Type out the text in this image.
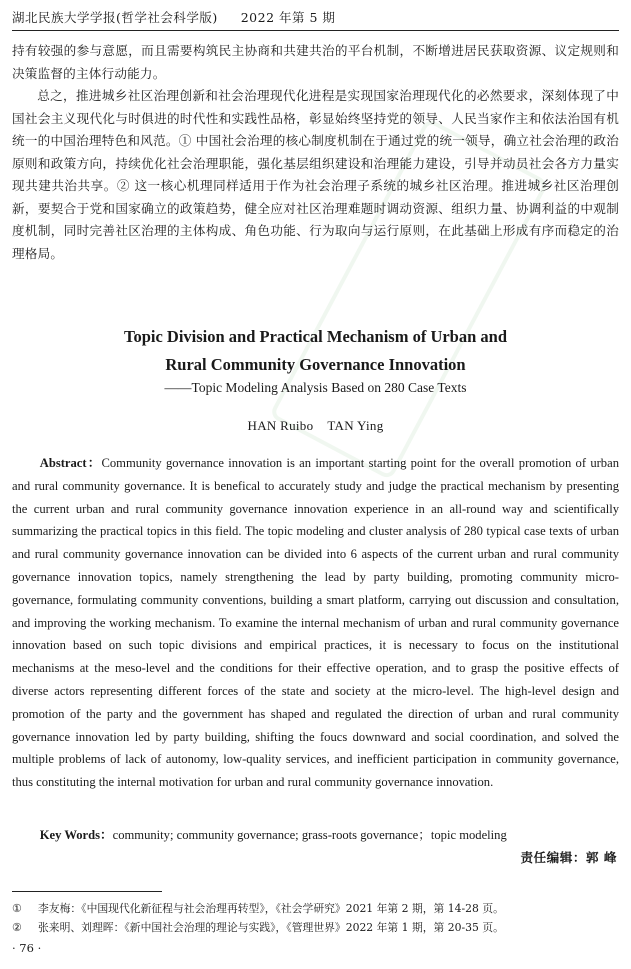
湖北民族大学学报(哲学社会科学版) 2022 年第 5 期

持有较强的参与意愿，而且需要构筑民主协商和共建共治的平台机制，不断增进居民获取资源、议定规则和决策监督的主体行动能力。

总之，推进城乡社区治理创新和社会治理现代化进程是实现国家治理现代化的必然要求，深刻体现了中国社会主义现代化与时俱进的时代性和实践性品格，彰显始终坚持党的领导、人民当家作主和依法治国有机统一的中国治理特色和风范。① 中国社会治理的核心制度机制在于通过党的统一领导，确立社会治理的政治原则和政策方向，持续优化社会治理职能，强化基层组织建设和治理能力建设，引导并动员社会各方力量实现共建共治共享。② 这一核心机理同样适用于作为社会治理子系统的城乡社区治理。推进城乡社区治理创新，要契合于党和国家确立的政策趋势，健全应对社区治理难题时调动资源、组织力量、协调利益的中观制度机制，同时完善社区治理的主体构成、角色功能、行为取向与运行原则，在此基础上形成有序而稳定的治理格局。

Topic Division and Practical Mechanism of Urban and
Rural Community Governance Innovation
——Topic Modeling Analysis Based on 280 Case Texts
HAN Ruibo    TAN Ying

Abstract：Community governance innovation is an important starting point for the overall promotion of urban and rural community governance. It is benefical to accurately study and judge the practical mechanism by presenting the current urban and rural community governance innovation experience in an all-round way and scientifically summarizing the practical topics in this field. The topic modeling and cluster analysis of 280 typical case texts of urban and rural community governance innovation can be divided into 6 aspects of the current urban and rural community governance innovation topics, namely strengthening the lead by party building, promoting community micro-governance, formulating community conventions, building a smart platform, carrying out discussion and consultation, and improving the working mechanism. To examine the internal mechanism of urban and rural community governance innovation based on such topic divisions and empirical practices, it is necessary to focus on the institutional mechanisms at the meso-level and the conditions for their effective operation, and to grasp the positive effects of diverse actors representing different forces of the state and society at the micro-level. The high-level design and promotion of the party and the government has shaped and regulated the direction of urban and rural community governance innovation led by party building, shifting the foucs downward and social coordination, and solved the multiple problems of lack of autonomy, low-quality services, and inefficient participation in community governance, thus constituting the internal motivation for urban and rural community governance innovation.

Key Words：community; community governance; grass-roots governance；topic modeling
责任编辑：郭 峰
① 李友梅：《中国现代化新征程与社会治理再转型》，《社会学研究》2021 年第 2 期，第 14-28 页。
② 张来明、刘理晖：《新中国社会治理的理论与实践》，《管理世界》2022 年第 1 期，第 20-35 页。
· 76 ·
